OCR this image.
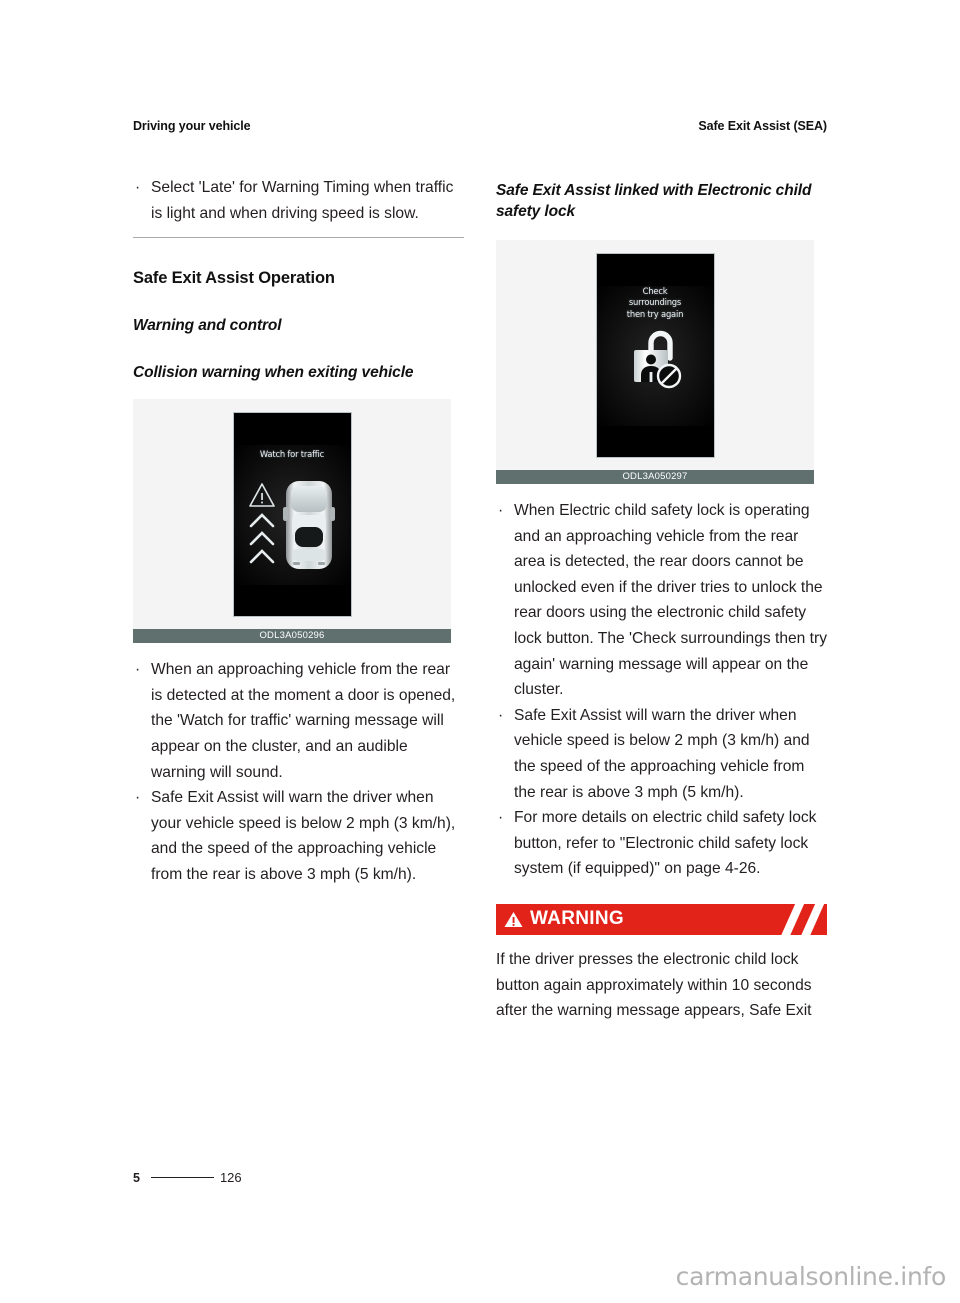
Driving your vehicle	Safe Exit Assist (SEA)
· Select 'Late' for Warning Timing when traffic is light and when driving speed is slow.
Safe Exit Assist Operation
Warning and control
Collision warning when exiting vehicle
Watch for traffic
ODL3A050296
· When an approaching vehicle from the rear is detected at the moment a door is opened, the 'Watch for traffic' warning message will appear on the cluster, and an audible warning will sound.
· Safe Exit Assist will warn the driver when your vehicle speed is below 2 mph (3 km/h), and the speed of the approaching vehicle from the rear is above 3 mph (5 km/h).
Safe Exit Assist linked with Electronic child safety lock
Check
surroundings
then try again
ODL3A050297
· When Electric child safety lock is operating and an approaching vehicle from the rear area is detected, the rear doors cannot be unlocked even if the driver tries to unlock the rear doors using the electronic child safety lock button. The 'Check surroundings then try again' warning message will appear on the cluster.
· Safe Exit Assist will warn the driver when vehicle speed is below 2 mph (3 km/h) and the speed of the approaching vehicle from the rear is above 3 mph (5 km/h).
· For more details on electric child safety lock button, refer to "Electronic child safety lock system (if equipped)" on page 4-26.
WARNING
If the driver presses the electronic child lock button again approximately within 10 seconds after the warning message appears, Safe Exit
5	126
carmanualsonline.info
